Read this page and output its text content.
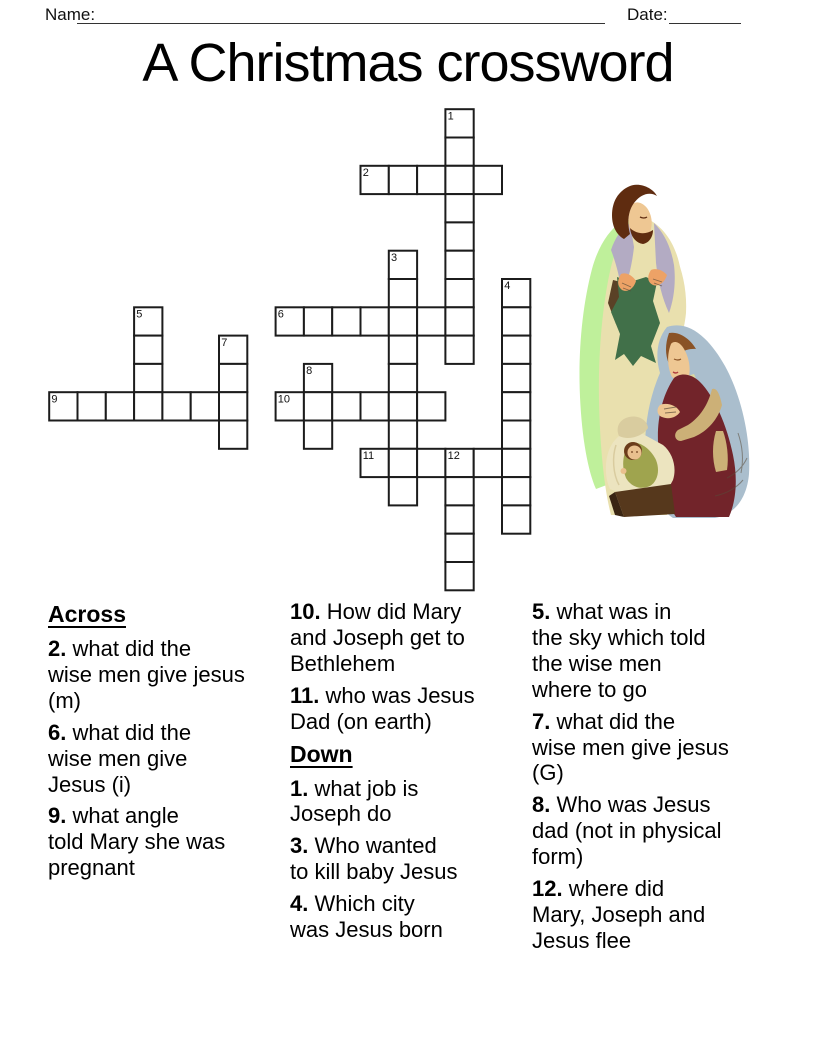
Name:	Date:
A Christmas crossword
1
2
3
4
5	6
7
8
9	10
11	12
Across
2. what did the
wise men give jesus
(m)
6. what did the
wise men give
Jesus (i)
9. what angle
told Mary she was
pregnant
10. How did Mary
and Joseph get to
Bethlehem
11. who was Jesus
Dad (on earth)
Down
1. what job is
Joseph do
3. Who wanted
to kill baby Jesus
4. Which city
was Jesus born
5. what was in
the sky which told
the wise men
where to go
7. what did the
wise men give jesus
(G)
8. Who was Jesus
dad (not in physical
form)
12. where did
Mary, Joseph and
Jesus flee
